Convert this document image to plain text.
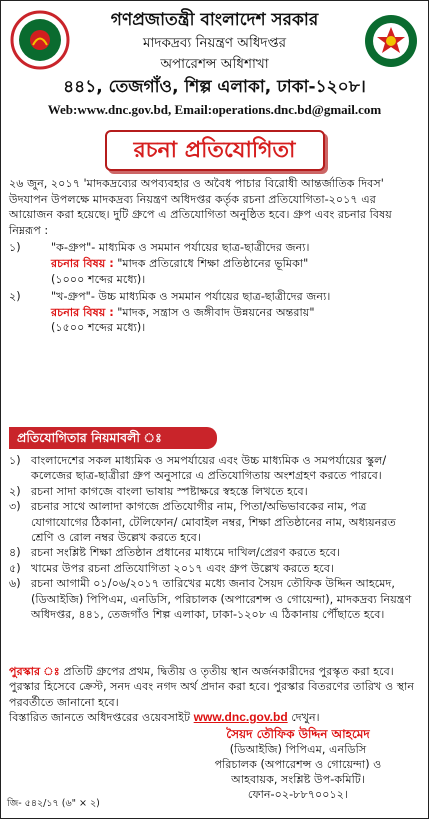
গণপ্রজাতন্ত্রী বাংলাদেশ সরকার
মাদকদ্রব্য নিয়ন্ত্রণ অধিদপ্তর
অপারেশন্স অধিশাখা
৪৪১, তেজগাঁও, শিল্প এলাকা, ঢাকা-১২০৮।
Web:www.dnc.gov.bd, Email:operations.dnc.bd@gmail.com
রচনা প্রতিযোগিতা

২৬ জুন, ২০১৭ 'মাদকদ্রব্যের অপব্যবহার ও অবৈধ পাচার বিরোধী আন্তর্জাতিক দিবস' উদযাপন উপলক্ষে মাদকদ্রব্য নিয়ন্ত্রণ অধিদপ্তর কর্তৃক রচনা প্রতিযোগিতা-২০১৭ এর আয়োজন করা হয়েছে। দুটি গ্রুপে এ প্রতিযোগিতা অনুষ্ঠিত হবে। গ্রুপ এবং রচনার বিষয় নিম্নরূপ :

১)	"ক-গ্রুপ"- মাধ্যমিক ও সমমান পর্যায়ের ছাত্র-ছাত্রীদের জন্য।
রচনার বিষয় : "মাদক প্রতিরোধে শিক্ষা প্রতিষ্ঠানের ভূমিকা"
(১০০০ শব্দের মধ্যে)।
২)	"খ-গ্রুপ"- উচ্চ মাধ্যমিক ও সমমান পর্যায়ের ছাত্র-ছাত্রীদের জন্য।
রচনার বিষয় : "মাদক, সন্ত্রাস ও জঙ্গীবাদ উন্নয়নের অন্তরায়"
(১৫০০ শব্দের মধ্যে)।
প্রতিযোগিতার নিয়মাবলী ঃ
১) বাংলাদেশের সকল মাধ্যমিক ও সমপর্যায়ের এবং উচ্চ মাধ্যমিক ও সমপর্যায়ের স্কুল/কলেজের ছাত্র-ছাত্রীরা গ্রুপ অনুসারে এ প্রতিযোগিতায় অংশগ্রহণ করতে পারবে।
২) রচনা সাদা কাগজে বাংলা ভাষায় স্পষ্টাক্ষরে স্বহস্তে লিখতে হবে।
৩) রচনার সাথে আলাদা কাগজে প্রতিযোগীর নাম, পিতা/অভিভাবকের নাম, পত্র যোগাযোগের ঠিকানা, টেলিফোন/ মোবাইল নম্বর, শিক্ষা প্রতিষ্ঠানের নাম, অধ্যয়নরত শ্রেণি ও রোল নম্বর উল্লেখ করতে হবে।
৪) রচনা সংশ্লিষ্ট শিক্ষা প্রতিষ্ঠান প্রধানের মাধ্যমে দাখিল/প্রেরণ করতে হবে।
৫) খামের উপর রচনা প্রতিযোগিতা ২০১৭ এবং গ্রুপ উল্লেখ করতে হবে।
৬) রচনা আগামী ০১/০৬/২০১৭ তারিখের মধ্যে জনাব সৈয়দ তৌফিক উদ্দিন আহমেদ, (ডিআইজি) পিপিএম, এনডিসি, পরিচালক (অপারেশন্স ও গোয়েন্দা), মাদকদ্রব্য নিয়ন্ত্রণ অধিদপ্তর, ৪৪১, তেজগাঁও শিল্প এলাকা, ঢাকা-১২০৮ এ ঠিকানায় পৌঁছাতে হবে।
পুরস্কার ঃ প্রতিটি গ্রুপের প্রথম, দ্বিতীয় ও তৃতীয় স্থান অর্জনকারীদের পুরস্কৃত করা হবে। পুরস্কার হিসেবে ক্রেস্ট, সনদ এবং নগদ অর্থ প্রদান করা হবে। পুরস্কার বিতরণের তারিখ ও স্থান পরবর্তীতে জানানো হবে।
বিস্তারিত জানতে অধিদপ্তরের ওয়েবসাইট www.dnc.gov.bd দেখুন।
সৈয়দ তৌফিক উদ্দিন আহমেদ
(ডিআইজি) পিপিএম, এনডিসি
পরিচালক (অপারেশন্স ও গোয়েন্দা) ও
আহবায়ক, সংশ্লিষ্ট উপ-কমিটি।
ফোন-০২-৮৮৭০০১২।
জি- ৫৪২/১৭ (৬" × ২)
